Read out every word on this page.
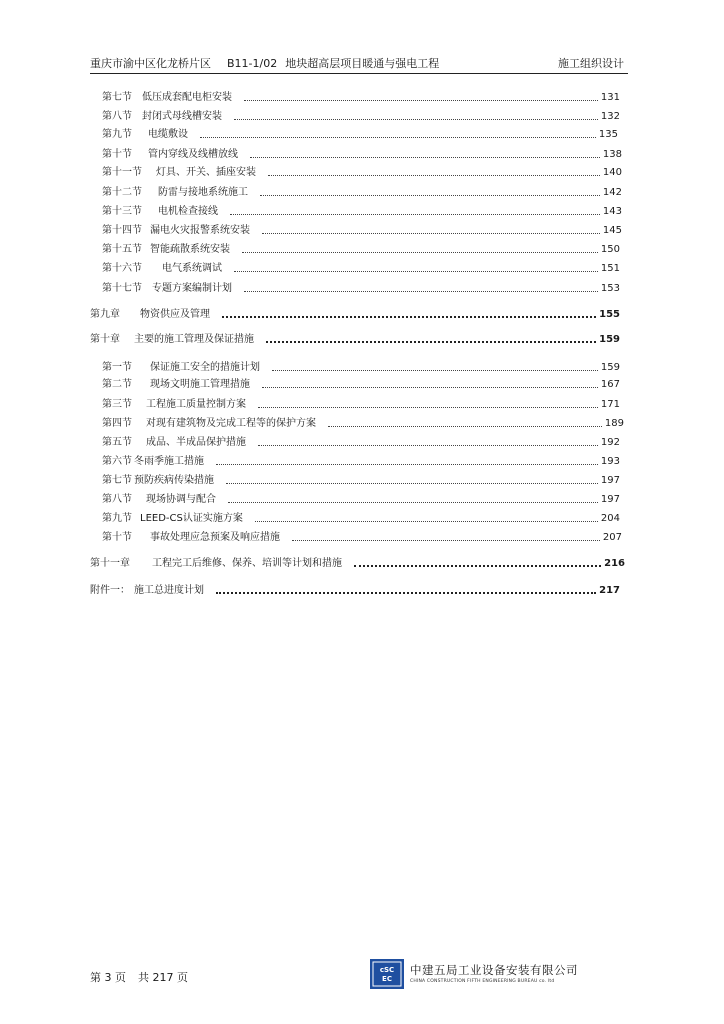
重庆市渝中区化龙桥片区 B11-1/02 地块超高层项目暖通与强电工程	施工组织设计
第七节 低压成套配电柜安装	131
第八节 封闭式母线槽安装	132
第九节 电缆敷设	135
第十节 管内穿线及线槽放线	138
第十一节 灯具、开关、插座安装	140
第十二节 防雷与接地系统施工	142
第十三节 电机检查接线	143
第十四节 漏电火灾报警系统安装	145
第十五节 智能疏散系统安装	150
第十六节 电气系统调试	151
第十七节 专题方案编制计划	153
第九章 物资供应及管理	155
第十章 主要的施工管理及保证措施	159
第一节 保证施工安全的措施计划	159
第二节 现场文明施工管理措施	167
第三节 工程施工质量控制方案	171
第四节 对现有建筑物及完成工程等的保护方案	189
第五节 成品、半成品保护措施	192
第六节 冬雨季施工措施	193
第七节 预防疾病传染措施	197
第八节 现场协调与配合	197
第九节 LEED-CS认证实施方案	204
第十节 事故处理应急预案及响应措施	207
第十一章 工程完工后维修、保养、培训等计划和措施	216
附件一： 施工总进度计划	217
第 3 页 共 217 页
cSC
EC
中建五局工业设备安装有限公司
CHINA CONSTRUCTION FIFTH ENGINEERING BUREAU co. ltd
